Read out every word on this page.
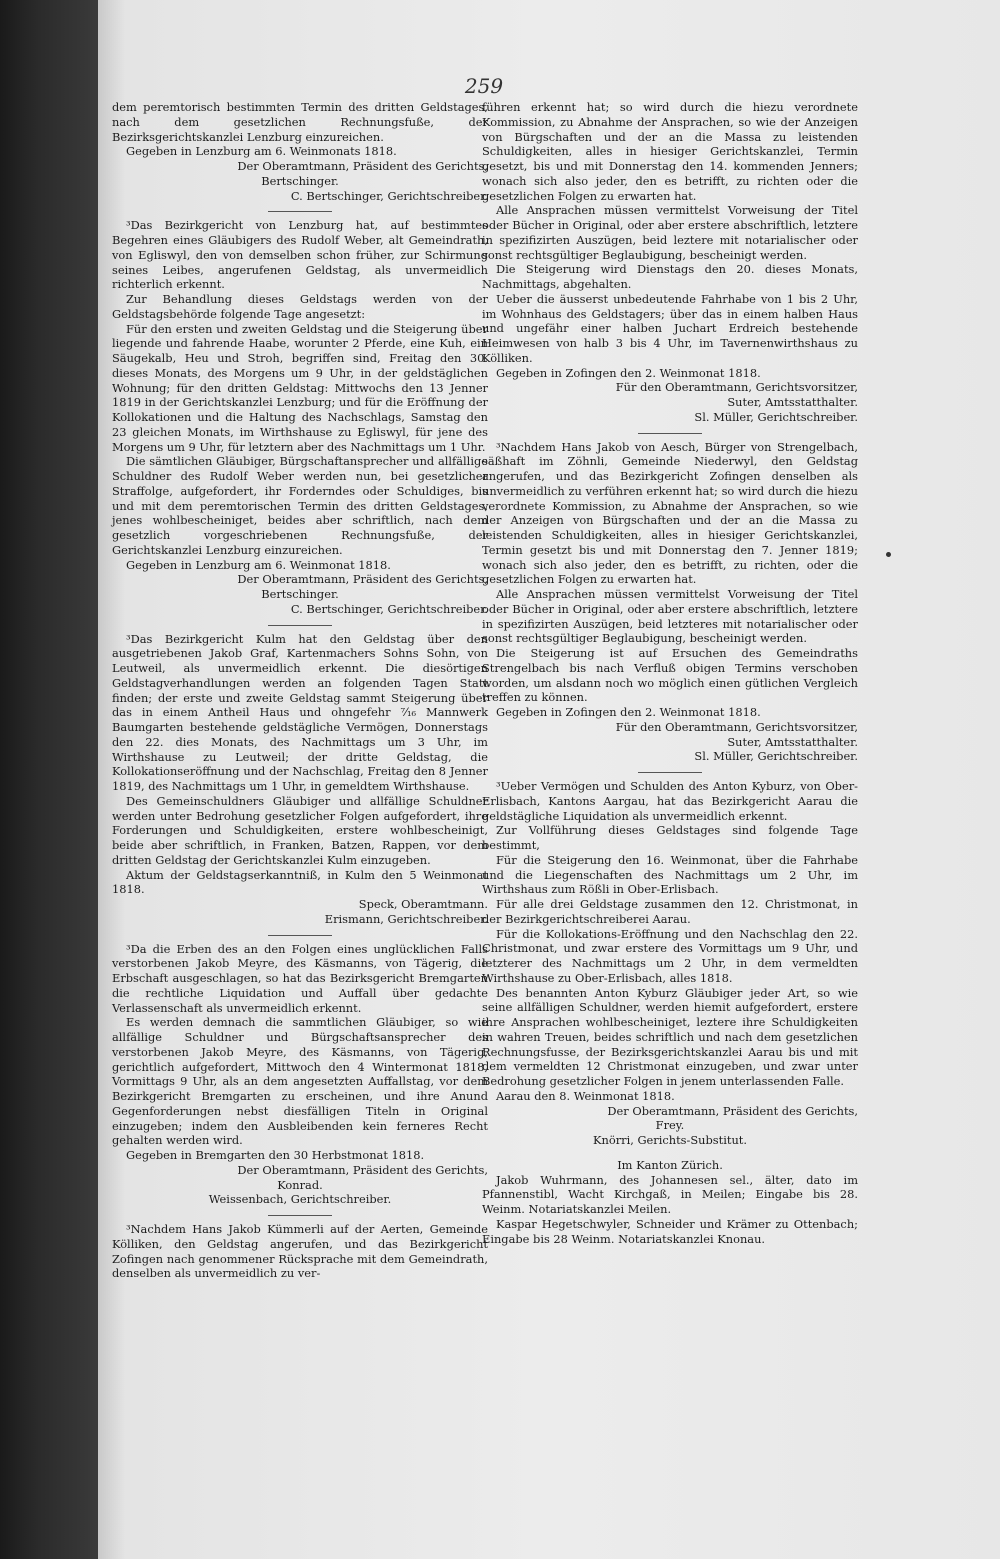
259

dem peremtorisch bestimmten Termin des dritten Geldstages, nach dem gesetzlichen Rechnungsfuße, der Bezirksgerichtskanzlei Lenzburg einzureichen.

Gegeben in Lenzburg am 6. Weinmonats 1818.

Der Oberamtmann, Präsident des Gerichts,

Bertschinger.

C. Bertschinger, Gerichtschreiber.

³Das Bezirkgericht von Lenzburg hat, auf bestimmtes Begehren eines Gläubigers des Rudolf Weber, alt Gemeindrath, von Egliswyl, den von demselben schon früher, zur Schirmung seines Leibes, angerufenen Geldstag, als unvermeidlich richterlich erkennt.

Zur Behandlung dieses Geldstags werden von der Geldstagsbehörde folgende Tage angesetzt:

Für den ersten und zweiten Geldstag und die Steigerung über liegende und fahrende Haabe, worunter 2 Pferde, eine Kuh, ein Säugekalb, Heu und Stroh, begriffen sind, Freitag den 30. dieses Monats, des Morgens um 9 Uhr, in der geldstäglichen Wohnung; für den dritten Geldstag: Mittwochs den 13 Jenner 1819 in der Gerichtskanzlei Lenzburg; und für die Eröffnung der Kollokationen und die Haltung des Nachschlags, Samstag den 23 gleichen Monats, im Wirthshause zu Egliswyl, für jene des Morgens um 9 Uhr, für letztern aber des Nachmittags um 1 Uhr.

Die sämtlichen Gläubiger, Bürgschaftansprecher und allfällige Schuldner des Rudolf Weber werden nun, bei gesetzlicher Straffolge, aufgefordert, ihr Forderndes oder Schuldiges, bis und mit dem peremtorischen Termin des dritten Geldstages, jenes wohlbescheiniget, beides aber schriftlich, nach dem gesetzlich vorgeschriebenen Rechnungsfuße, der Gerichtskanzlei Lenzburg einzureichen.

Gegeben in Lenzburg am 6. Weinmonat 1818.

Der Oberamtmann, Präsident des Gerichts,

Bertschinger.

C. Bertschinger, Gerichtschreiber.

³Das Bezirkgericht Kulm hat den Geldstag über den ausgetriebenen Jakob Graf, Kartenmachers Sohns Sohn, von Leutweil, als unvermeidlich erkennt. Die diesörtigen Geldstagverhandlungen werden an folgenden Tagen Statt finden; der erste und zweite Geldstag sammt Steigerung über das in einem Antheil Haus und ohngefehr ⁷⁄₁₆ Mannwerk Baumgarten bestehende geldstägliche Vermögen, Donnerstags den 22. dies Monats, des Nachmittags um 3 Uhr, im Wirthshause zu Leutweil; der dritte Geldstag, die Kollokationseröffnung und der Nachschlag, Freitag den 8 Jenner 1819, des Nachmittags um 1 Uhr, in gemeldtem Wirthshause.

Des Gemeinschuldners Gläubiger und allfällige Schuldner werden unter Bedrohung gesetzlicher Folgen aufgefordert, ihre Forderungen und Schuldigkeiten, erstere wohlbescheinigt, beide aber schriftlich, in Franken, Batzen, Rappen, vor dem dritten Geldstag der Gerichtskanzlei Kulm einzugeben.

Aktum der Geldstagserkanntniß, in Kulm den 5 Weinmonat 1818.

Speck, Oberamtmann.

Erismann, Gerichtschreiber.

³Da die Erben des an den Folgen eines unglücklichen Falls verstorbenen Jakob Meyre, des Käsmanns, von Tägerig, die Erbschaft ausgeschlagen, so hat das Bezirksgericht Bremgarten die rechtliche Liquidation und Auffall über gedachte Verlassenschaft als unvermeidlich erkennt.

Es werden demnach die sammtlichen Gläubiger, so wie allfällige Schuldner und Bürgschaftsansprecher des verstorbenen Jakob Meyre, des Käsmanns, von Tägerig, gerichtlich aufgefordert, Mittwoch den 4 Wintermonat 1818, Vormittags 9 Uhr, als an dem angesetzten Auffallstag, vor dem Bezirkgericht Bremgarten zu erscheinen, und ihre Anund Gegenforderungen nebst diesfälligen Titeln in Original einzugeben; indem den Ausbleibenden kein ferneres Recht gehalten werden wird.

Gegeben in Bremgarten den 30 Herbstmonat 1818.

Der Oberamtmann, Präsident des Gerichts,

Konrad.

Weissenbach, Gerichtschreiber.

³Nachdem Hans Jakob Kümmerli auf der Aerten, Gemeinde Kölliken, den Geldstag angerufen, und das Bezirkgericht Zofingen nach genommener Rücksprache mit dem Gemeindrath, denselben als unvermeidlich zu ver-

führen erkennt hat; so wird durch die hiezu verordnete Kommission, zu Abnahme der Ansprachen, so wie der Anzeigen von Bürgschaften und der an die Massa zu leistenden Schuldigkeiten, alles in hiesiger Gerichtskanzlei, Termin gesetzt, bis und mit Donnerstag den 14. kommenden Jenners; wonach sich also jeder, den es betrifft, zu richten oder die gesetzlichen Folgen zu erwarten hat.

Alle Ansprachen müssen vermittelst Vorweisung der Titel oder Bücher in Original, oder aber erstere abschriftlich, letztere in spezifizirten Auszügen, beid leztere mit notarialischer oder sonst rechtsgültiger Beglaubigung, bescheinigt werden.

Die Steigerung wird Dienstags den 20. dieses Monats, Nachmittags, abgehalten.

Ueber die äusserst unbedeutende Fahrhabe von 1 bis 2 Uhr, im Wohnhaus des Geldstagers; über das in einem halben Haus und ungefähr einer halben Juchart Erdreich bestehende Heimwesen von halb 3 bis 4 Uhr, im Tavernenwirthshaus zu Kölliken.

Gegeben in Zofingen den 2. Weinmonat 1818.

Für den Oberamtmann, Gerichtsvorsitzer,

Suter, Amtsstatthalter.

Sl. Müller, Gerichtschreiber.

³Nachdem Hans Jakob von Aesch, Bürger von Strengelbach, säßhaft im Zöhnli, Gemeinde Niederwyl, den Geldstag angerufen, und das Bezirkgericht Zofingen denselben als unvermeidlich zu verführen erkennt hat; so wird durch die hiezu verordnete Kommission, zu Abnahme der Ansprachen, so wie der Anzeigen von Bürgschaften und der an die Massa zu leistenden Schuldigkeiten, alles in hiesiger Gerichtskanzlei, Termin gesetzt bis und mit Donnerstag den 7. Jenner 1819; wonach sich also jeder, den es betrifft, zu richten, oder die gesetzlichen Folgen zu erwarten hat.

Alle Ansprachen müssen vermittelst Vorweisung der Titel oder Bücher in Original, oder aber erstere abschriftlich, letztere in spezifizirten Auszügen, beid letzteres mit notarialischer oder sonst rechtsgültiger Beglaubigung, bescheinigt werden.

Die Steigerung ist auf Ersuchen des Gemeindraths Strengelbach bis nach Verfluß obigen Termins verschoben worden, um alsdann noch wo möglich einen gütlichen Vergleich treffen zu können.

Gegeben in Zofingen den 2. Weinmonat 1818.

Für den Oberamtmann, Gerichtsvorsitzer,

Suter, Amtsstatthalter.

Sl. Müller, Gerichtschreiber.

³Ueber Vermögen und Schulden des Anton Kyburz, von Ober-Erlisbach, Kantons Aargau, hat das Bezirkgericht Aarau die geldstägliche Liquidation als unvermeidlich erkennt.

Zur Vollführung dieses Geldstages sind folgende Tage bestimmt,

Für die Steigerung den 16. Weinmonat, über die Fahrhabe und die Liegenschaften des Nachmittags um 2 Uhr, im Wirthshaus zum Rößli in Ober-Erlisbach.

Für alle drei Geldstage zusammen den 12. Christmonat, in der Bezirkgerichtschreiberei Aarau.

Für die Kollokations-Eröffnung und den Nachschlag den 22. Christmonat, und zwar erstere des Vormittags um 9 Uhr, und letzterer des Nachmittags um 2 Uhr, in dem vermeldten Wirthshause zu Ober-Erlisbach, alles 1818.

Des benannten Anton Kyburz Gläubiger jeder Art, so wie seine allfälligen Schuldner, werden hiemit aufgefordert, erstere ihre Ansprachen wohlbescheiniget, leztere ihre Schuldigkeiten in wahren Treuen, beides schriftlich und nach dem gesetzlichen Rechnungsfusse, der Bezirksgerichtskanzlei Aarau bis und mit dem vermeldten 12 Christmonat einzugeben, und zwar unter Bedrohung gesetzlicher Folgen in jenem unterlassenden Falle.

Aarau den 8. Weinmonat 1818.

Der Oberamtmann, Präsident des Gerichts,

Frey.

Knörri, Gerichts-Substitut.

Im Kanton Zürich.

Jakob Wuhrmann, des Johannesen sel., älter, dato im Pfannenstibl, Wacht Kirchgaß, in Meilen; Eingabe bis 28. Weinm. Notariatskanzlei Meilen.

Kaspar Hegetschwyler, Schneider und Krämer zu Ottenbach; Eingabe bis 28 Weinm. Notariatskanzlei Knonau.
